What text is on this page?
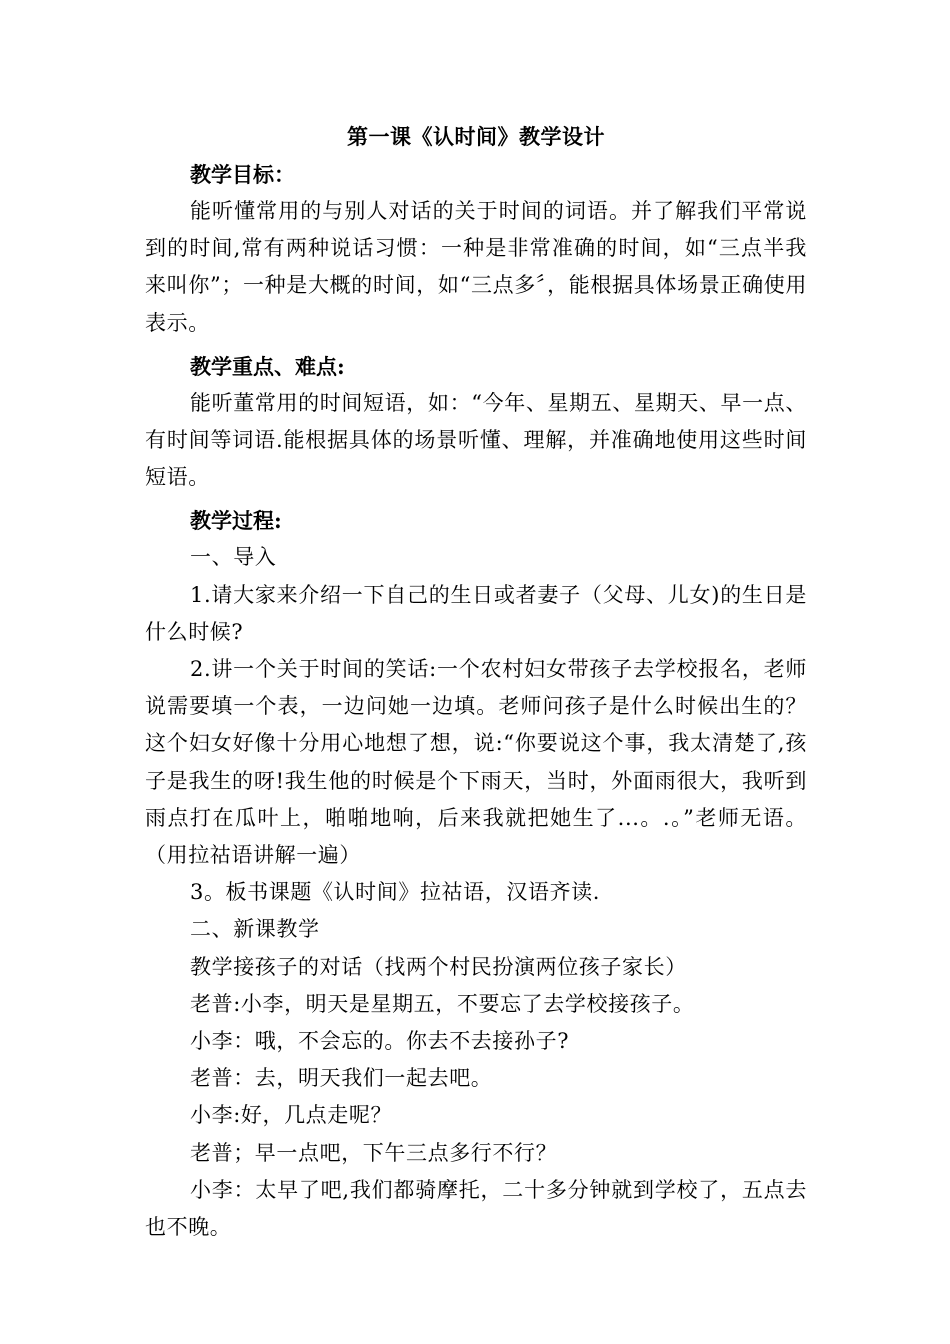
第一课《认时间》教学设计

教学目标：

能听懂常用的与别人对话的关于时间的词语。并了解我们平常说到的时间,常有两种说话习惯：一种是非常准确的时间，如“三点半我来叫你”；一种是大概的时间，如“三点多〞，能根据具体场景正确使用表示。

教学重点、难点:

能听董常用的时间短语，如：“今年、星期五、星期天、早一点、有时间等词语.能根据具体的场景听懂、理解，并准确地使用这些时间短语。

教学过程:

一、导入

1.请大家来介绍一下自己的生日或者妻子（父母、儿女)的生日是什么时候?

2.讲一个关于时间的笑话:一个农村妇女带孩子去学校报名，老师说需要填一个表，一边问她一边填。老师问孩子是什么时候出生的？这个妇女好像十分用心地想了想，说:“你要说这个事，我太清楚了,孩子是我生的呀!我生他的时候是个下雨天，当时，外面雨很大，我听到雨点打在瓜叶上，啪啪地响，后来我就把她生了...。.。”老师无语。（用拉祜语讲解一遍）

3。板书课题《认时间》拉祜语，汉语齐读.

二、新课教学

教学接孩子的对话（找两个村民扮演两位孩子家长）

老普:小李，明天是星期五，不要忘了去学校接孩子。

小李：哦，不会忘的。你去不去接孙子?

老普：去，明天我们一起去吧。

小李:好，几点走呢？

老普；早一点吧，下午三点多行不行？

小李：太早了吧,我们都骑摩托，二十多分钟就到学校了，五点去也不晚。
